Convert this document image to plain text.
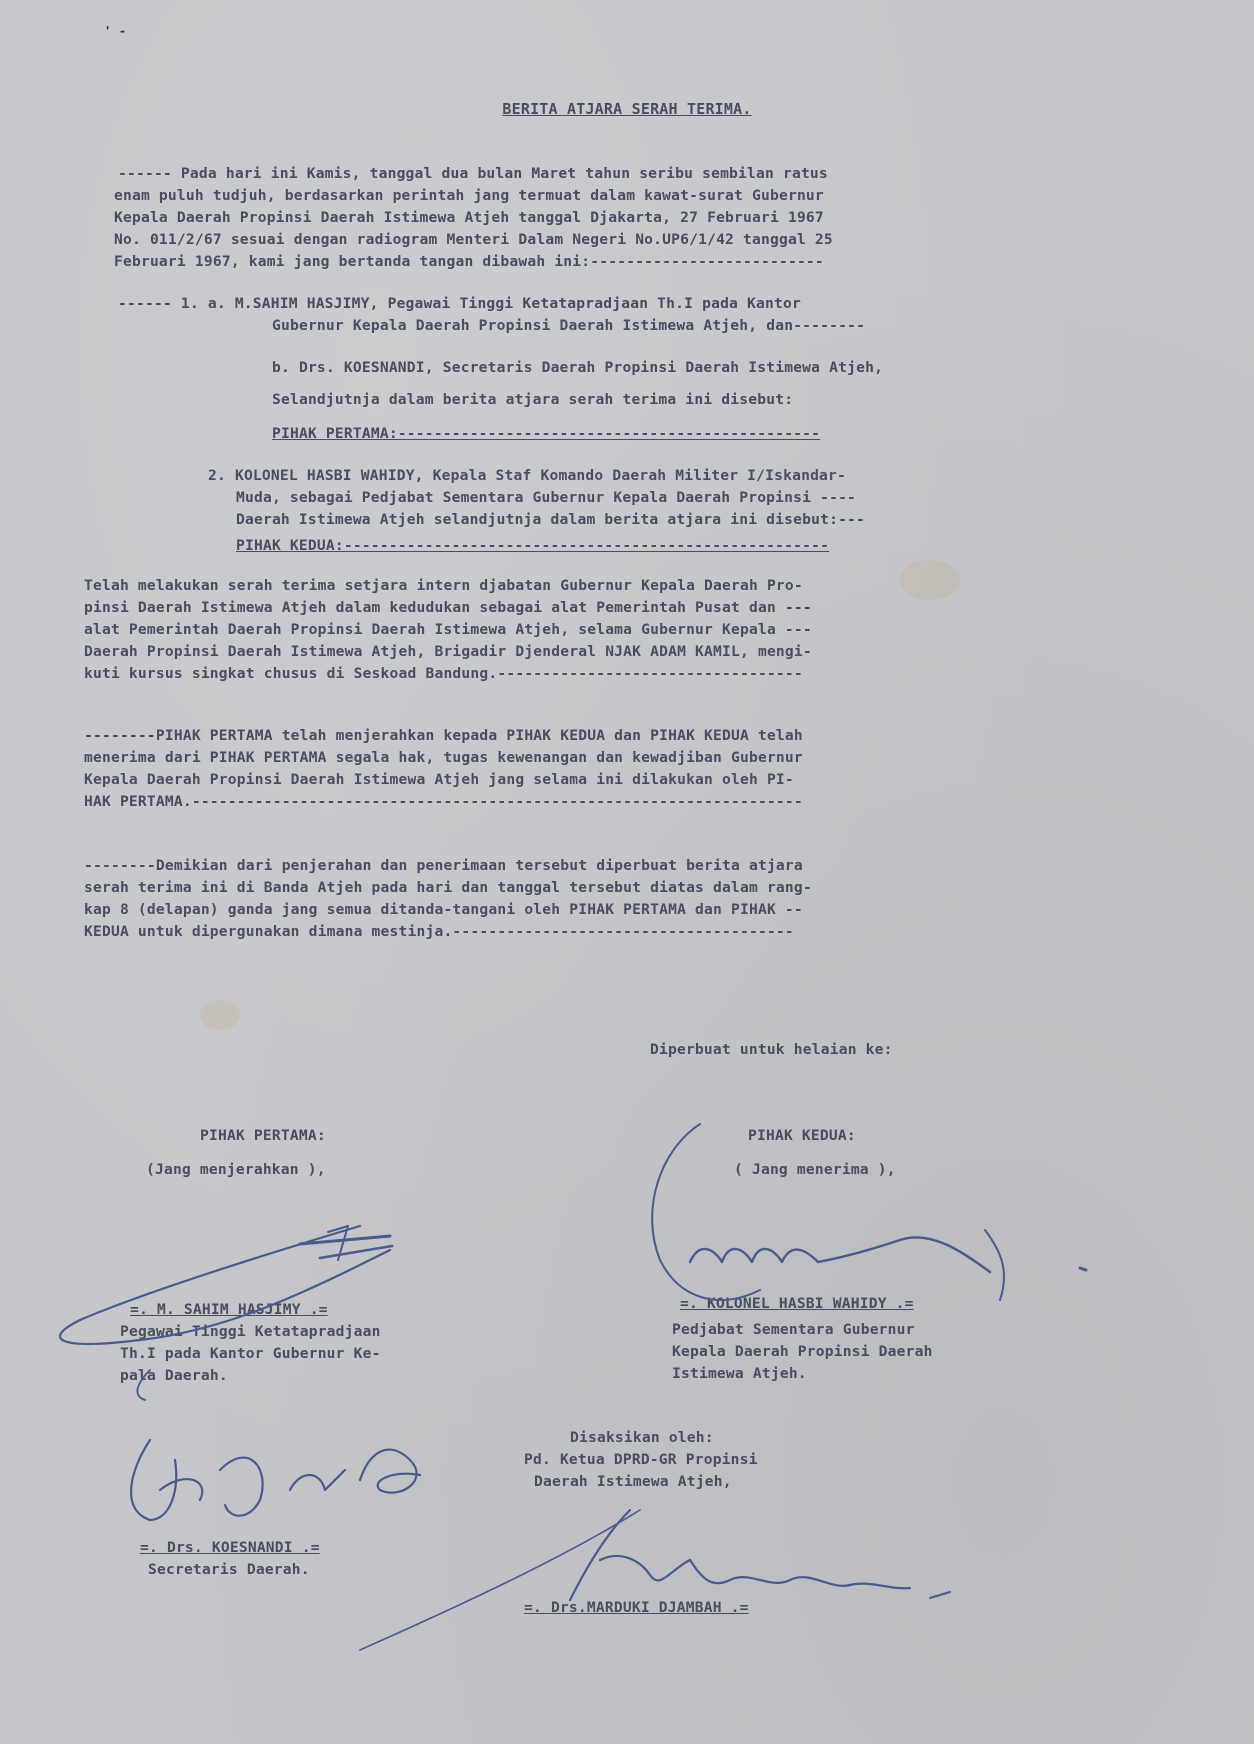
' -
BERITA ATJARA SERAH TERIMA.
------ Pada hari ini Kamis, tanggal dua bulan Maret tahun seribu sembilan ratus
enam puluh tudjuh, berdasarkan perintah jang termuat dalam kawat-surat Gubernur
Kepala Daerah Propinsi Daerah Istimewa Atjeh tanggal Djakarta, 27 Februari 1967
No. 011/2/67 sesuai dengan radiogram Menteri Dalam Negeri No.UP6/1/42 tanggal 25
Februari 1967, kami jang bertanda tangan dibawah ini:--------------------------
------ 1. a. M.SAHIM HASJIMY, Pegawai Tinggi Ketatapradjaan Th.I pada Kantor
Gubernur Kepala Daerah Propinsi Daerah Istimewa Atjeh, dan--------
b. Drs. KOESNANDI, Secretaris Daerah Propinsi Daerah Istimewa Atjeh,
Selandjutnja dalam berita atjara serah terima ini disebut:
PIHAK PERTAMA:-----------------------------------------------
2. KOLONEL HASBI WAHIDY, Kepala Staf Komando Daerah Militer I/Iskandar-
Muda, sebagai Pedjabat Sementara Gubernur Kepala Daerah Propinsi ----
Daerah Istimewa Atjeh selandjutnja dalam berita atjara ini disebut:---
PIHAK KEDUA:------------------------------------------------------
Telah melakukan serah terima setjara intern djabatan Gubernur Kepala Daerah Pro-
pinsi Daerah Istimewa Atjeh dalam kedudukan sebagai alat Pemerintah Pusat dan ---
alat Pemerintah Daerah Propinsi Daerah Istimewa Atjeh, selama Gubernur Kepala ---
Daerah Propinsi Daerah Istimewa Atjeh, Brigadir Djenderal NJAK ADAM KAMIL, mengi-
kuti kursus singkat chusus di Seskoad Bandung.----------------------------------
--------PIHAK PERTAMA telah menjerahkan kepada PIHAK KEDUA dan PIHAK KEDUA telah
menerima dari PIHAK PERTAMA segala hak, tugas kewenangan dan kewadjiban Gubernur
Kepala Daerah Propinsi Daerah Istimewa Atjeh jang selama ini dilakukan oleh PI-
HAK PERTAMA.--------------------------------------------------------------------
--------Demikian dari penjerahan dan penerimaan tersebut diperbuat berita atjara
serah terima ini di Banda Atjeh pada hari dan tanggal tersebut diatas dalam rang-
kap 8 (delapan) ganda jang semua ditanda-tangani oleh PIHAK PERTAMA dan PIHAK --
KEDUA untuk dipergunakan dimana mestinja.--------------------------------------
Diperbuat untuk helaian ke:
PIHAK PERTAMA:
(Jang menjerahkan ),
=. M. SAHIM HASJIMY .=
Pegawai Tinggi Ketatapradjaan
Th.I pada Kantor Gubernur Ke-
pala Daerah.
PIHAK KEDUA:
( Jang menerima ),
=. KOLONEL HASBI WAHIDY .=
Pedjabat Sementara Gubernur
Kepala Daerah Propinsi Daerah
Istimewa Atjeh.
Disaksikan oleh:
Pd. Ketua DPRD-GR Propinsi
Daerah Istimewa Atjeh,
=. Drs. KOESNANDI .=
Secretaris Daerah.
=. Drs.MARDUKI DJAMBAH .=
